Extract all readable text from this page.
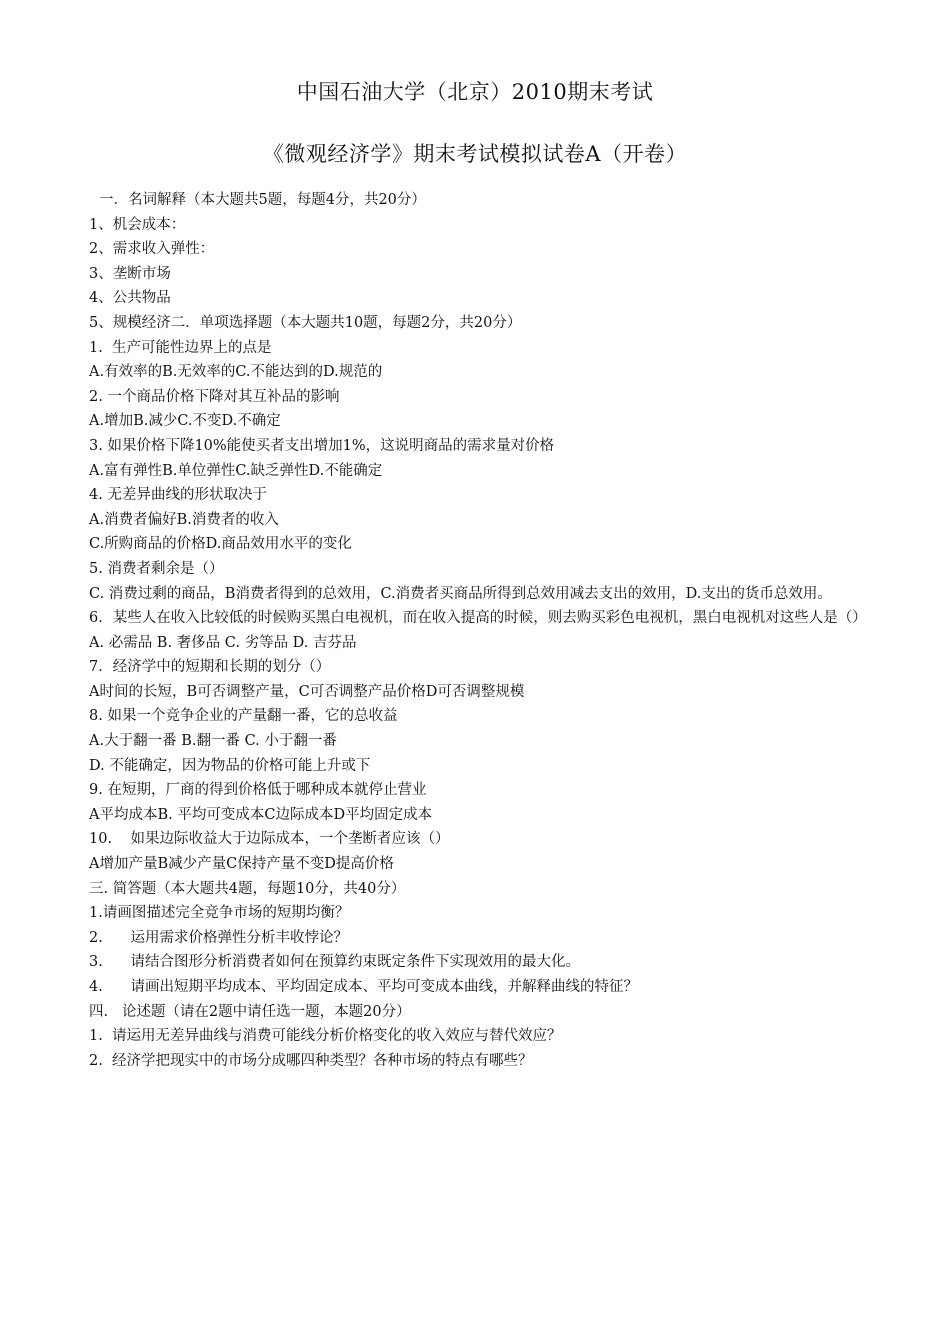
中国石油大学（北京）2010期末考试
《微观经济学》期末考试模拟试卷A（开卷）
一．名词解释（本大题共5题，每题4分，共20分）
1、机会成本：
2、需求收入弹性：
3、垄断市场
4、公共物品
5、规模经济二．单项选择题（本大题共10题，每题2分，共20分）
1.  生产可能性边界上的点是
A.有效率的B.无效率的C.不能达到的D.规范的
2. 一个商品价格下降对其互补品的影响
A.增加B.减少C.不变D.不确定
3. 如果价格下降10%能使买者支出增加1%，这说明商品的需求量对价格
A.富有弹性B.单位弹性C.缺乏弹性D.不能确定
4. 无差异曲线的形状取决于
A.消费者偏好B.消费者的收入
C.所购商品的价格D.商品效用水平的变化
5. 消费者剩余是（）
C. 消费过剩的商品，B消费者得到的总效用，C.消费者买商品所得到总效用减去支出的效用，D.支出的货币总效用。
6．某些人在收入比较低的时候购买黑白电视机，而在收入提高的时候，则去购买彩色电视机，黑白电视机对这些人是（）
A. 必需品 B. 奢侈品 C. 劣等品 D. 吉芬品
7．经济学中的短期和长期的划分（）
A时间的长短，B可否调整产量，C可否调整产品价格D可否调整规模
8. 如果一个竞争企业的产量翻一番，它的总收益
A.大于翻一番 B.翻一番 C. 小于翻一番
D. 不能确定，因为物品的价格可能上升或下
9. 在短期，厂商的得到价格低于哪种成本就停止营业
A平均成本B. 平均可变成本C边际成本D平均固定成本
10.    如果边际收益大于边际成本，一个垄断者应该（）
A增加产量B减少产量C保持产量不变D提高价格
三. 简答题（本大题共4题，每题10分，共40分）
1.请画图描述完全竞争市场的短期均衡？
2.      运用需求价格弹性分析丰收悖论？
3.      请结合图形分析消费者如何在预算约束既定条件下实现效用的最大化。
4.      请画出短期平均成本、平均固定成本、平均可变成本曲线，并解释曲线的特征？
四.   论述题（请在2题中请任选一题，本题20分）
1.  请运用无差异曲线与消费可能线分析价格变化的收入效应与替代效应？
2.  经济学把现实中的市场分成哪四种类型？各种市场的特点有哪些？
